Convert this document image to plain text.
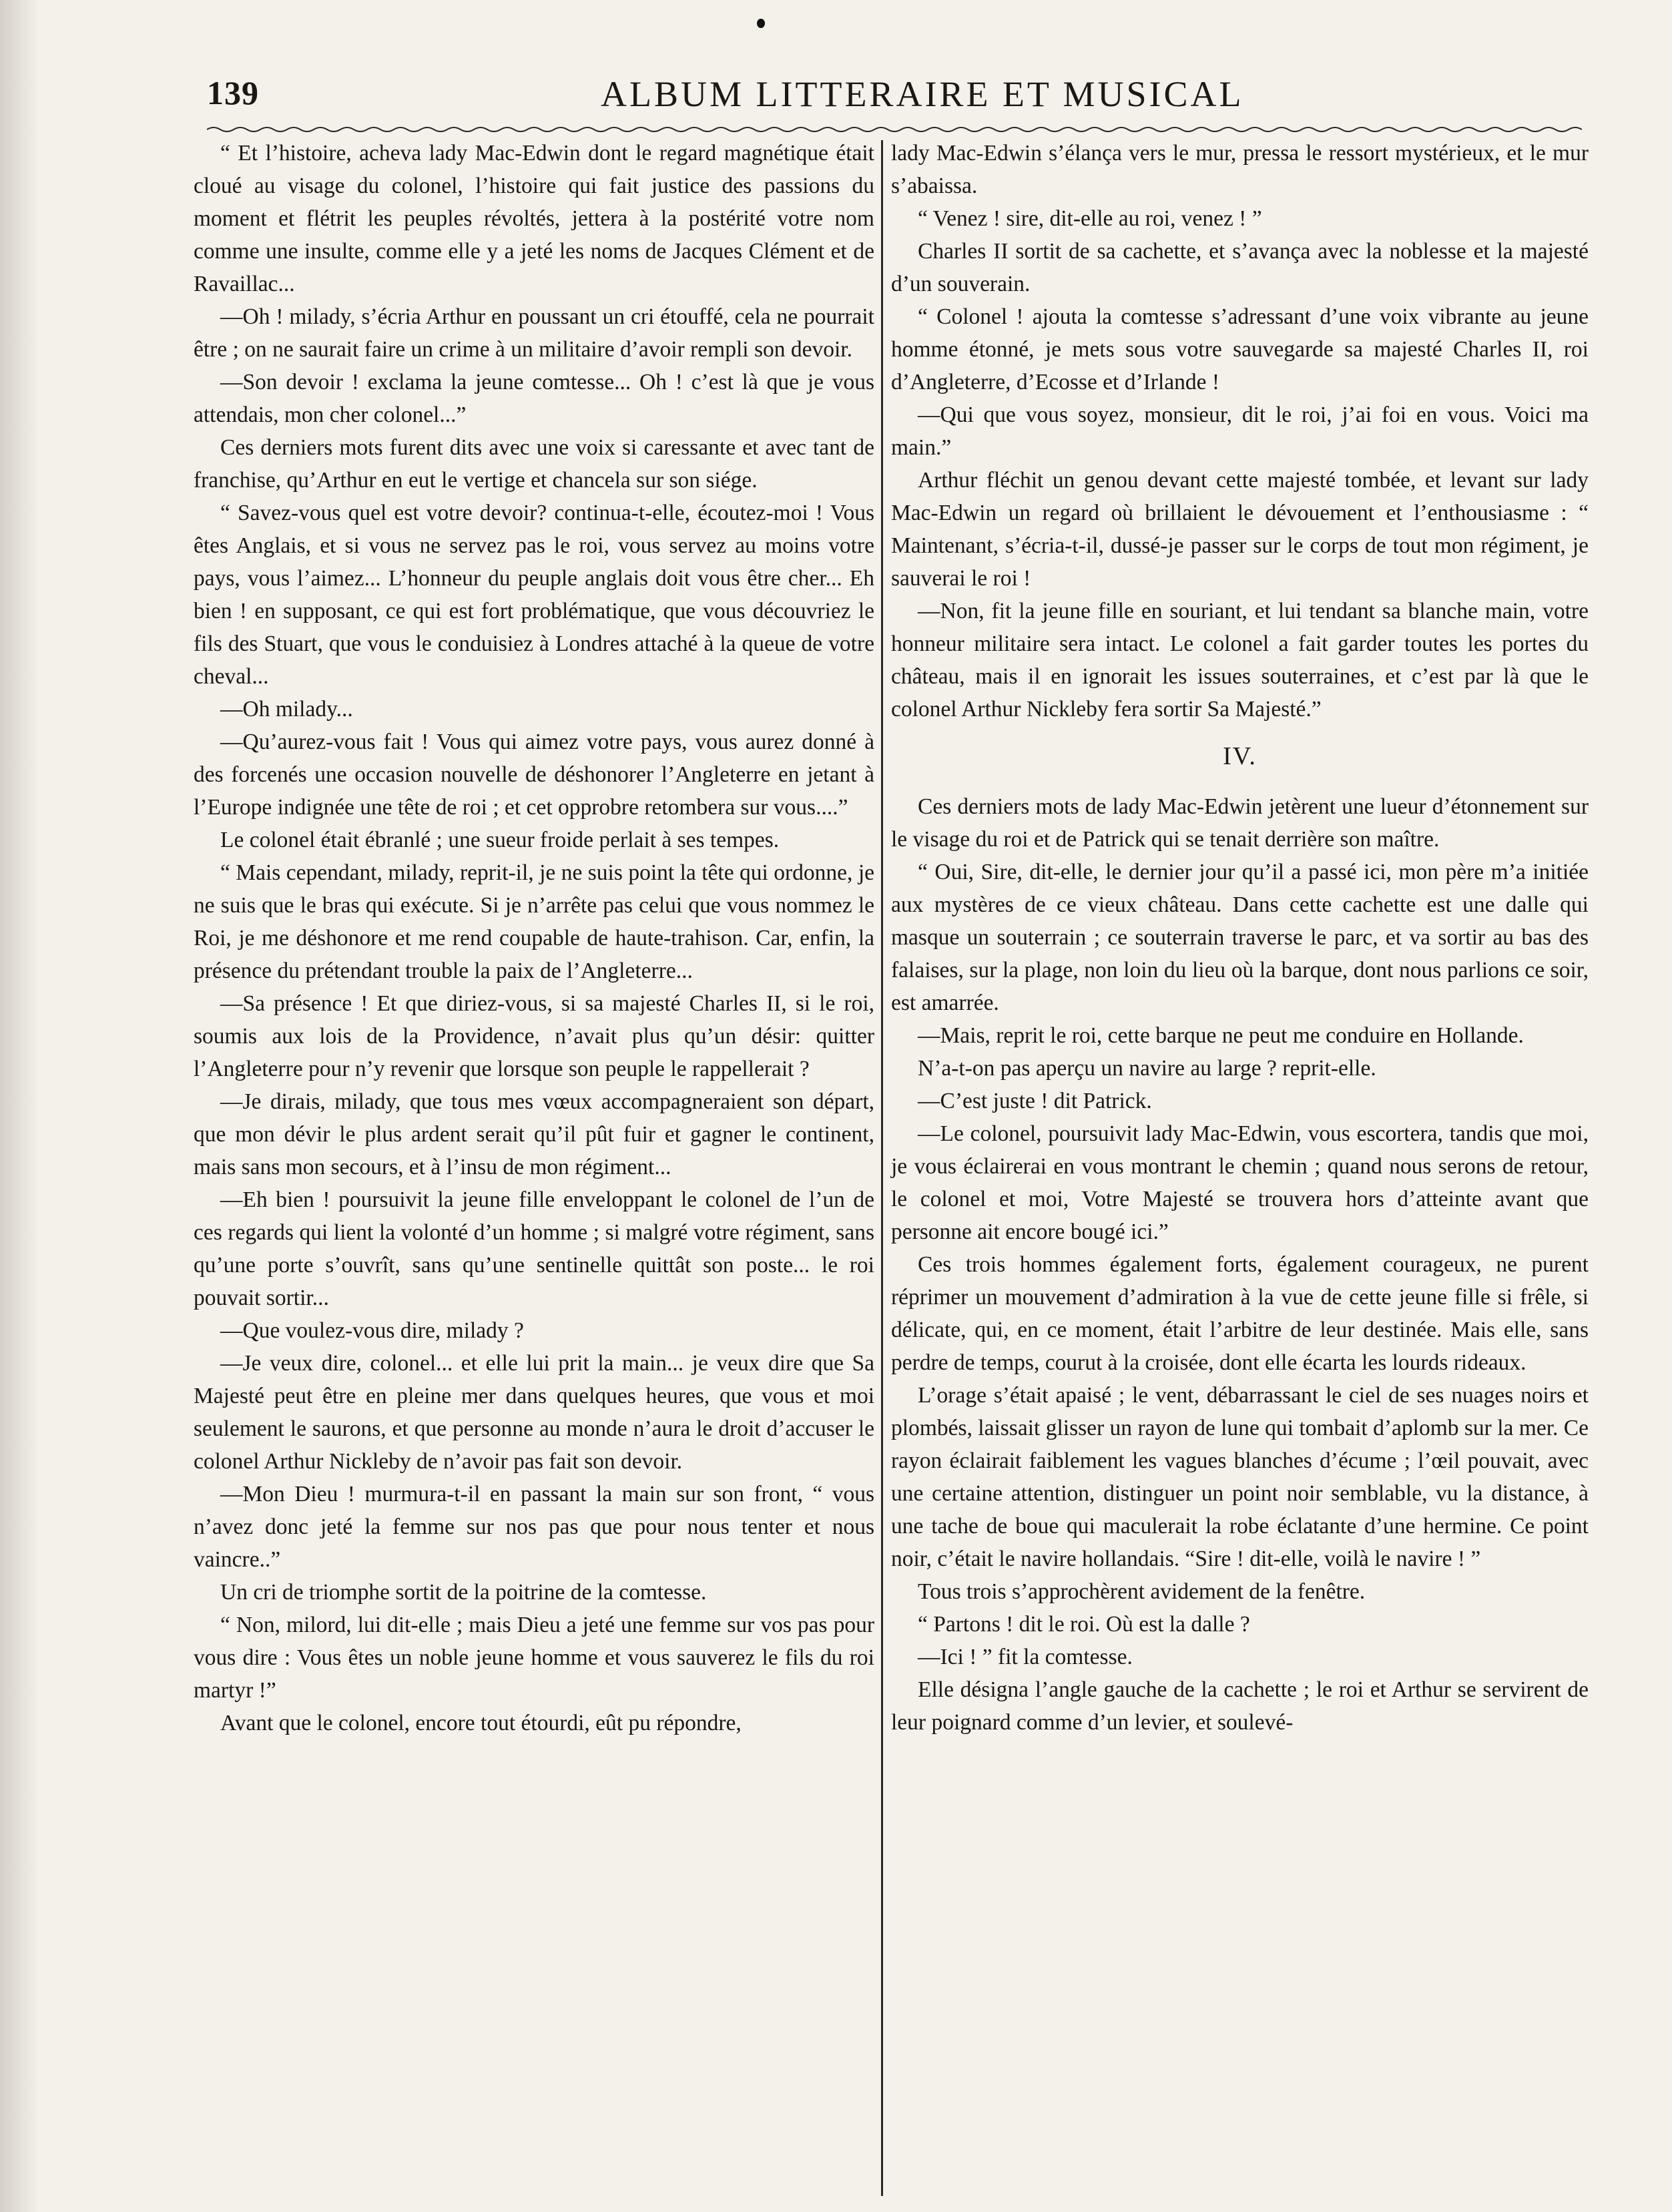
139	ALBUM LITTERAIRE ET MUSICAL

“ Et l’histoire, acheva lady Mac-Edwin dont le regard magnétique était cloué au visage du colonel, l’histoire qui fait justice des passions du moment et flétrit les peuples révoltés, jettera à la postérité votre nom comme une insulte, comme elle y a jeté les noms de Jacques Clément et de Ravaillac...

—Oh ! milady, s’écria Arthur en poussant un cri étouffé, cela ne pourrait être ; on ne saurait faire un crime à un militaire d’avoir rempli son devoir.

—Son devoir ! exclama la jeune comtesse... Oh ! c’est là que je vous attendais, mon cher colonel...”

Ces derniers mots furent dits avec une voix si caressante et avec tant de franchise, qu’Arthur en eut le vertige et chancela sur son siége.

“ Savez-vous quel est votre devoir? continua-t-elle, écoutez-moi ! Vous êtes Anglais, et si vous ne servez pas le roi, vous servez au moins votre pays, vous l’aimez... L’honneur du peuple anglais doit vous être cher... Eh bien ! en supposant, ce qui est fort problématique, que vous découvriez le fils des Stuart, que vous le conduisiez à Londres attaché à la queue de votre cheval...

—Oh milady...

—Qu’aurez-vous fait ! Vous qui aimez votre pays, vous aurez donné à des forcenés une occasion nouvelle de déshonorer l’Angleterre en jetant à l’Europe indignée une tête de roi ; et cet opprobre retombera sur vous....”

Le colonel était ébranlé ; une sueur froide perlait à ses tempes.

“ Mais cependant, milady, reprit-il, je ne suis point la tête qui ordonne, je ne suis que le bras qui exécute. Si je n’arrête pas celui que vous nommez le Roi, je me déshonore et me rend coupable de haute-trahison. Car, enfin, la présence du prétendant trouble la paix de l’Angleterre...

—Sa présence ! Et que diriez-vous, si sa majesté Charles II, si le roi, soumis aux lois de la Providence, n’avait plus qu’un désir: quitter l’Angleterre pour n’y revenir que lorsque son peuple le rappellerait ?

—Je dirais, milady, que tous mes vœux accompagneraient son départ, que mon dévir le plus ardent serait qu’il pût fuir et gagner le continent, mais sans mon secours, et à l’insu de mon régiment...

—Eh bien ! poursuivit la jeune fille enveloppant le colonel de l’un de ces regards qui lient la volonté d’un homme ; si malgré votre régiment, sans qu’une porte s’ouvrît, sans qu’une sentinelle quittât son poste... le roi pouvait sortir...

—Que voulez-vous dire, milady ?

—Je veux dire, colonel... et elle lui prit la main... je veux dire que Sa Majesté peut être en pleine mer dans quelques heures, que vous et moi seulement le saurons, et que personne au monde n’aura le droit d’accuser le colonel Arthur Nickleby de n’avoir pas fait son devoir.

—Mon Dieu ! murmura-t-il en passant la main sur son front, “ vous n’avez donc jeté la femme sur nos pas que pour nous tenter et nous vaincre..”

Un cri de triomphe sortit de la poitrine de la comtesse.

“ Non, milord, lui dit-elle ; mais Dieu a jeté une femme sur vos pas pour vous dire : Vous êtes un noble jeune homme et vous sauverez le fils du roi martyr !”

Avant que le colonel, encore tout étourdi, eût pu répondre,

lady Mac-Edwin s’élança vers le mur, pressa le ressort mystérieux, et le mur s’abaissa.

“ Venez ! sire, dit-elle au roi, venez ! ”

Charles II sortit de sa cachette, et s’avança avec la noblesse et la majesté d’un souverain.

“ Colonel ! ajouta la comtesse s’adressant d’une voix vibrante au jeune homme étonné, je mets sous votre sauvegarde sa majesté Charles II, roi d’Angleterre, d’Ecosse et d’Irlande !

—Qui que vous soyez, monsieur, dit le roi, j’ai foi en vous. Voici ma main.”

Arthur fléchit un genou devant cette majesté tombée, et levant sur lady Mac-Edwin un regard où brillaient le dévouement et l’enthousiasme : “ Maintenant, s’écria-t-il, dussé-je passer sur le corps de tout mon régiment, je sauverai le roi !

—Non, fit la jeune fille en souriant, et lui tendant sa blanche main, votre honneur militaire sera intact. Le colonel a fait garder toutes les portes du château, mais il en ignorait les issues souterraines, et c’est par là que le colonel Arthur Nickleby fera sortir Sa Majesté.”

IV.

Ces derniers mots de lady Mac-Edwin jetèrent une lueur d’étonnement sur le visage du roi et de Patrick qui se tenait derrière son maître.

“ Oui, Sire, dit-elle, le dernier jour qu’il a passé ici, mon père m’a initiée aux mystères de ce vieux château. Dans cette cachette est une dalle qui masque un souterrain ; ce souterrain traverse le parc, et va sortir au bas des falaises, sur la plage, non loin du lieu où la barque, dont nous parlions ce soir, est amarrée.

—Mais, reprit le roi, cette barque ne peut me conduire en Hollande.

N’a-t-on pas aperçu un navire au large ? reprit-elle.

—C’est juste ! dit Patrick.

—Le colonel, poursuivit lady Mac-Edwin, vous escortera, tandis que moi, je vous éclairerai en vous montrant le chemin ; quand nous serons de retour, le colonel et moi, Votre Majesté se trouvera hors d’atteinte avant que personne ait encore bougé ici.”

Ces trois hommes également forts, également courageux, ne purent réprimer un mouvement d’admiration à la vue de cette jeune fille si frêle, si délicate, qui, en ce moment, était l’arbitre de leur destinée. Mais elle, sans perdre de temps, courut à la croisée, dont elle écarta les lourds rideaux.

L’orage s’était apaisé ; le vent, débarrassant le ciel de ses nuages noirs et plombés, laissait glisser un rayon de lune qui tombait d’aplomb sur la mer. Ce rayon éclairait faiblement les vagues blanches d’écume ; l’œil pouvait, avec une certaine attention, distinguer un point noir semblable, vu la distance, à une tache de boue qui maculerait la robe éclatante d’une hermine. Ce point noir, c’était le navire hollandais. “Sire ! dit-elle, voilà le navire ! ”

Tous trois s’approchèrent avidement de la fenêtre.

“ Partons ! dit le roi. Où est la dalle ?

—Ici ! ” fit la comtesse.

Elle désigna l’angle gauche de la cachette ; le roi et Arthur se servirent de leur poignard comme d’un levier, et soulevé-
